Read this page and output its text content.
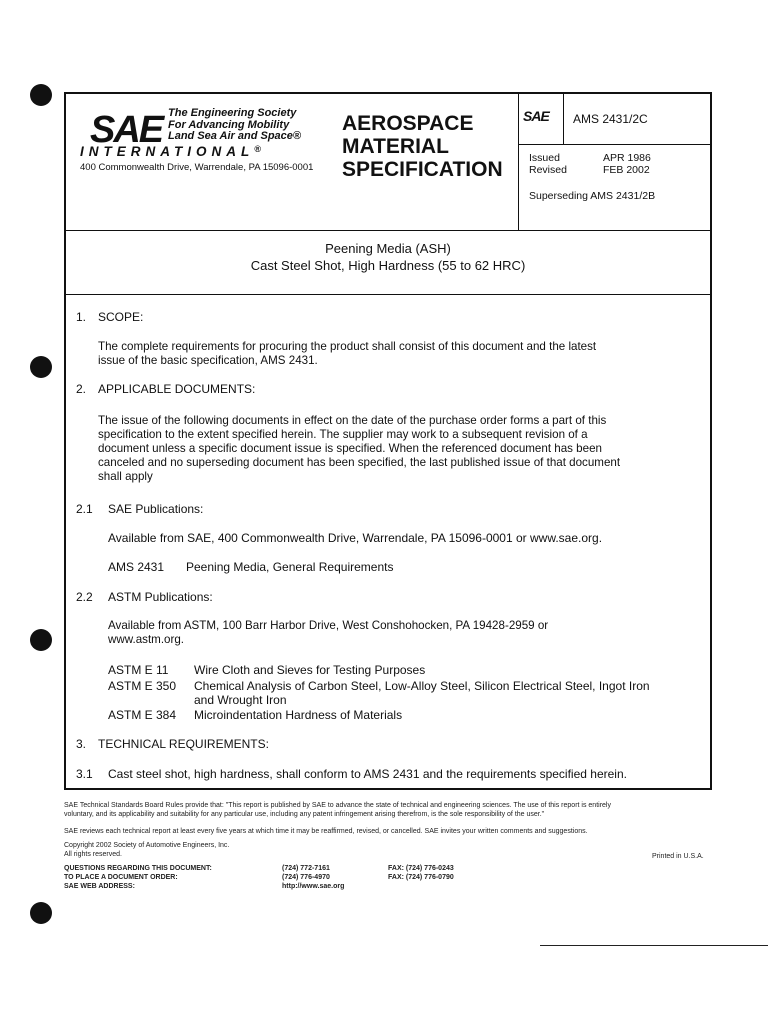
SAE The Engineering Society
For Advancing Mobility
Land Sea Air and Space®
INTERNATIONAL®
400 Commonwealth Drive, Warrendale, PA 15096-0001
AEROSPACE
MATERIAL
SPECIFICATION
SAE	AMS 2431/2C
Issued	APR 1986
Revised	FEB 2002
Superseding AMS 2431/2B
Peening Media (ASH)
Cast Steel Shot, High Hardness (55 to 62 HRC)
1. SCOPE:
The complete requirements for procuring the product shall consist of this document and the latest
issue of the basic specification, AMS 2431.
2. APPLICABLE DOCUMENTS:
The issue of the following documents in effect on the date of the purchase order forms a part of this
specification to the extent specified herein. The supplier may work to a subsequent revision of a
document unless a specific document issue is specified. When the referenced document has been
canceled and no superseding document has been specified, the last published issue of that document
shall apply
2.1 SAE Publications:
Available from SAE, 400 Commonwealth Drive, Warrendale, PA 15096-0001 or www.sae.org.
AMS 2431 Peening Media, General Requirements
2.2 ASTM Publications:
Available from ASTM, 100 Barr Harbor Drive, West Conshohocken, PA 19428-2959 or
www.astm.org.
ASTM E 11 Wire Cloth and Sieves for Testing Purposes
ASTM E 350 Chemical Analysis of Carbon Steel, Low-Alloy Steel, Silicon Electrical Steel, Ingot Iron
and Wrought Iron
ASTM E 384 Microindentation Hardness of Materials
3. TECHNICAL REQUIREMENTS:
3.1 Cast steel shot, high hardness, shall conform to AMS 2431 and the requirements specified herein.
SAE Technical Standards Board Rules provide that: "This report is published by SAE to advance the state of technical and engineering sciences. The use of this report is entirely
voluntary, and its applicability and suitability for any particular use, including any patent infringement arising therefrom, is the sole responsibility of the user."
SAE reviews each technical report at least every five years at which time it may be reaffirmed, revised, or cancelled. SAE invites your written comments and suggestions.
Copyright 2002 Society of Automotive Engineers, Inc.
All rights reserved.	Printed in U.S.A.
QUESTIONS REGARDING THIS DOCUMENT:	(724) 772-7161	FAX: (724) 776-0243
TO PLACE A DOCUMENT ORDER:	(724) 776-4970	FAX: (724) 776-0790
SAE WEB ADDRESS:	http://www.sae.org
